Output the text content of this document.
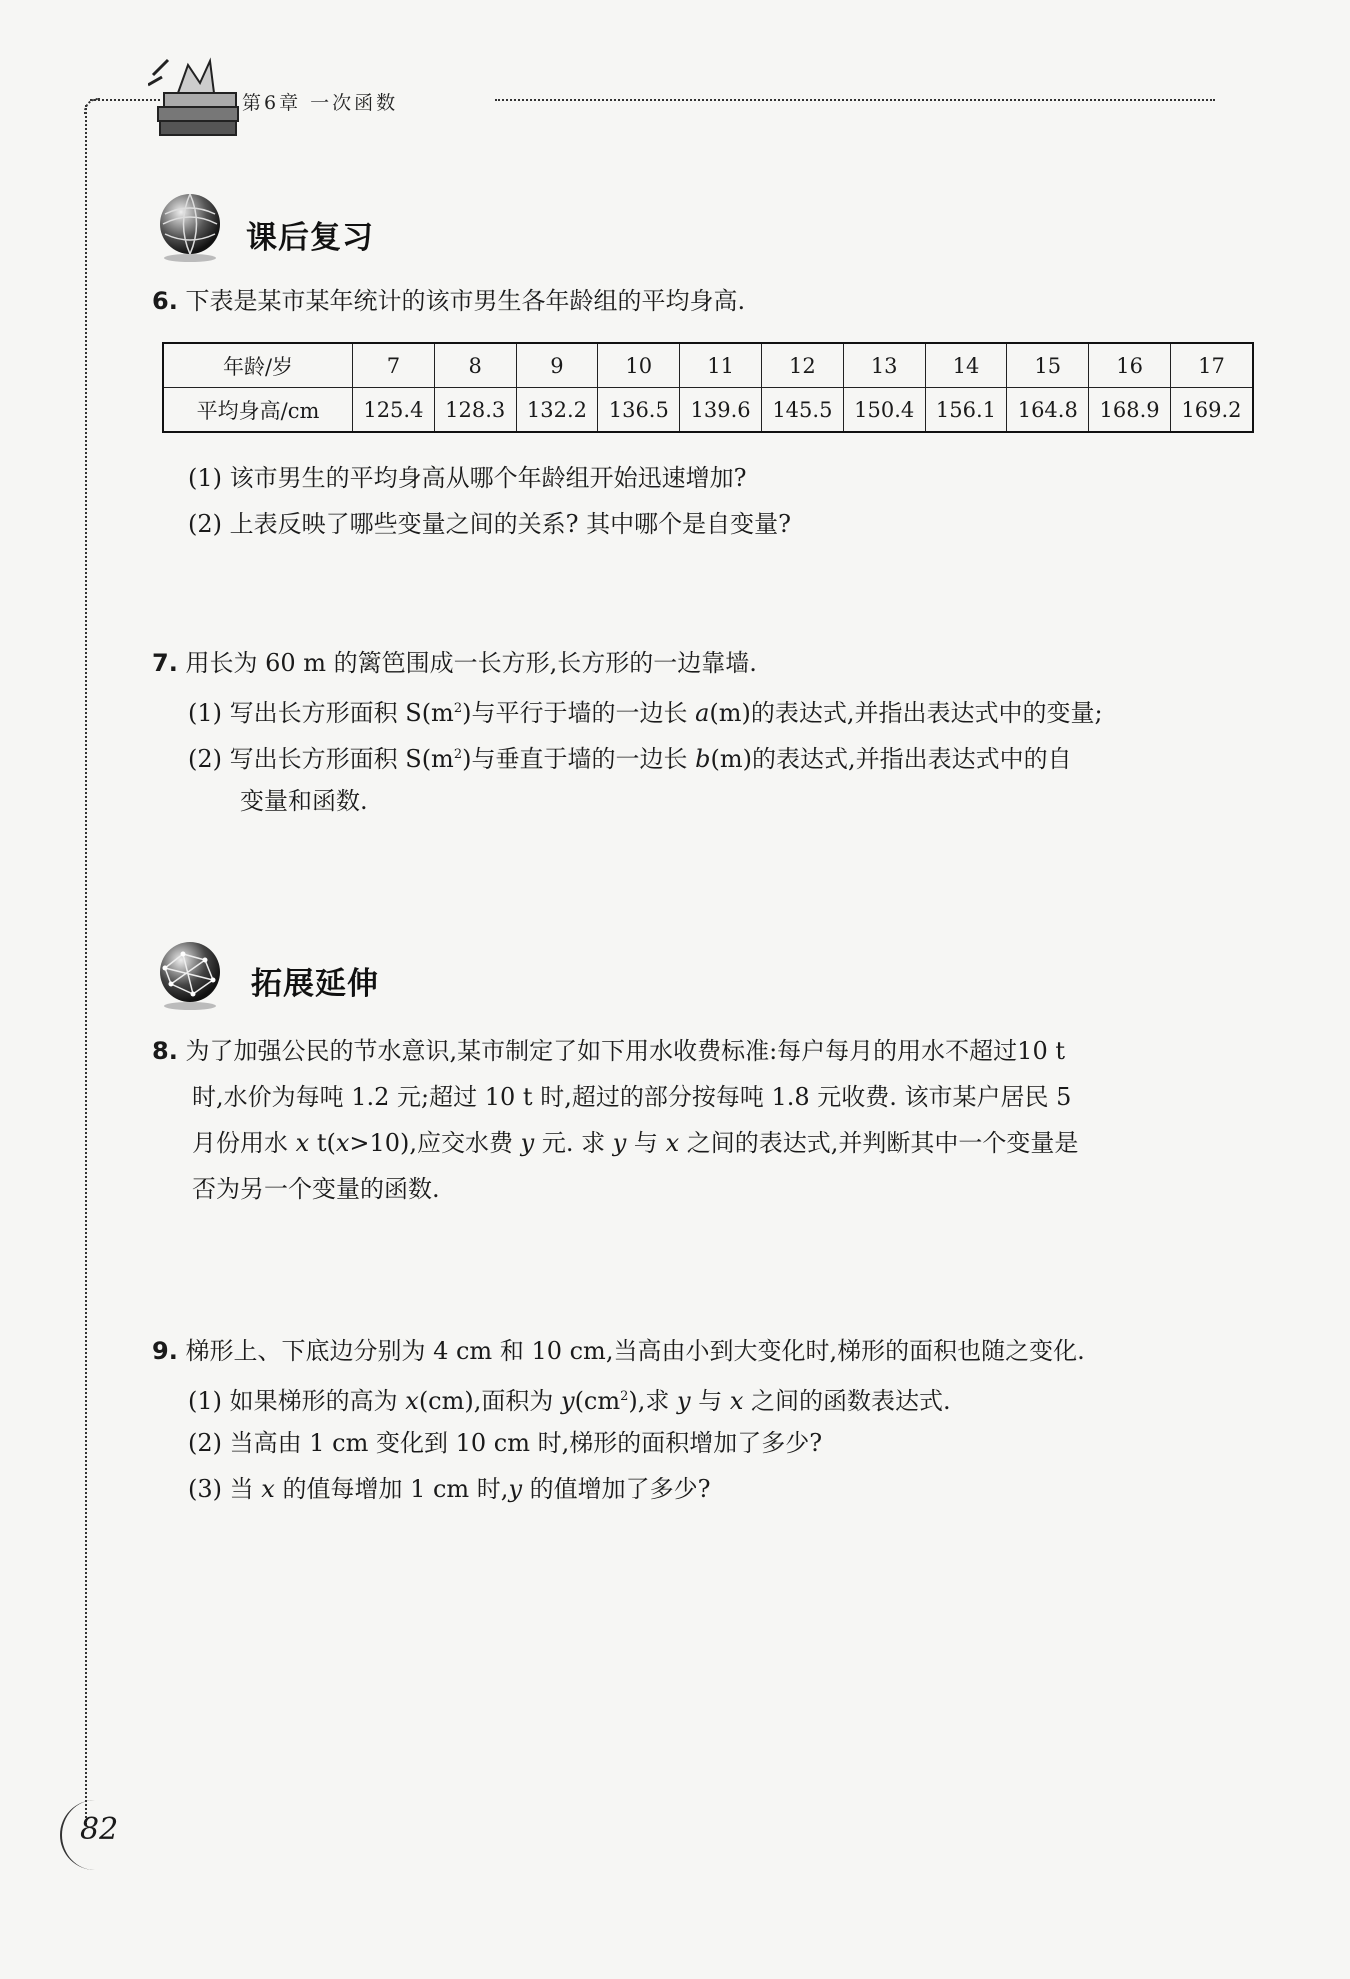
第6章 一次函数
课后复习
6. 下表是某市某年统计的该市男生各年龄组的平均身高.
年龄/岁	7	8	9	10	11	12	13	14	15	16	17
平均身高/cm	125.4	128.3	132.2	136.5	139.6	145.5	150.4	156.1	164.8	168.9	169.2
(1) 该市男生的平均身高从哪个年龄组开始迅速增加?
(2) 上表反映了哪些变量之间的关系? 其中哪个是自变量?
7. 用长为 60 m 的篱笆围成一长方形,长方形的一边靠墙.
(1) 写出长方形面积 $S(m^2)$与平行于墙的一边长 a(m)的表达式,并指出表达式中的变量;
(2) 写出长方形面积 $S(m^2)$与垂直于墙的一边长 b(m)的表达式,并指出表达式中的自
变量和函数.
拓展延伸
8. 为了加强公民的节水意识,某市制定了如下用水收费标准:每户每月的用水不超过10 t
时,水价为每吨 1.2 元;超过 10 t 时,超过的部分按每吨 1.8 元收费. 该市某户居民 5
月份用水 x t(x>10),应交水费 y 元. 求 y 与 x 之间的表达式,并判断其中一个变量是
否为另一个变量的函数.
9. 梯形上、下底边分别为 4 cm 和 10 cm,当高由小到大变化时,梯形的面积也随之变化.
(1) 如果梯形的高为 x(cm),面积为 $y(cm^2)$,求 y 与 x 之间的函数表达式.
(2) 当高由 1 cm 变化到 10 cm 时,梯形的面积增加了多少?
(3) 当 x 的值每增加 1 cm 时,y 的值增加了多少?
82
